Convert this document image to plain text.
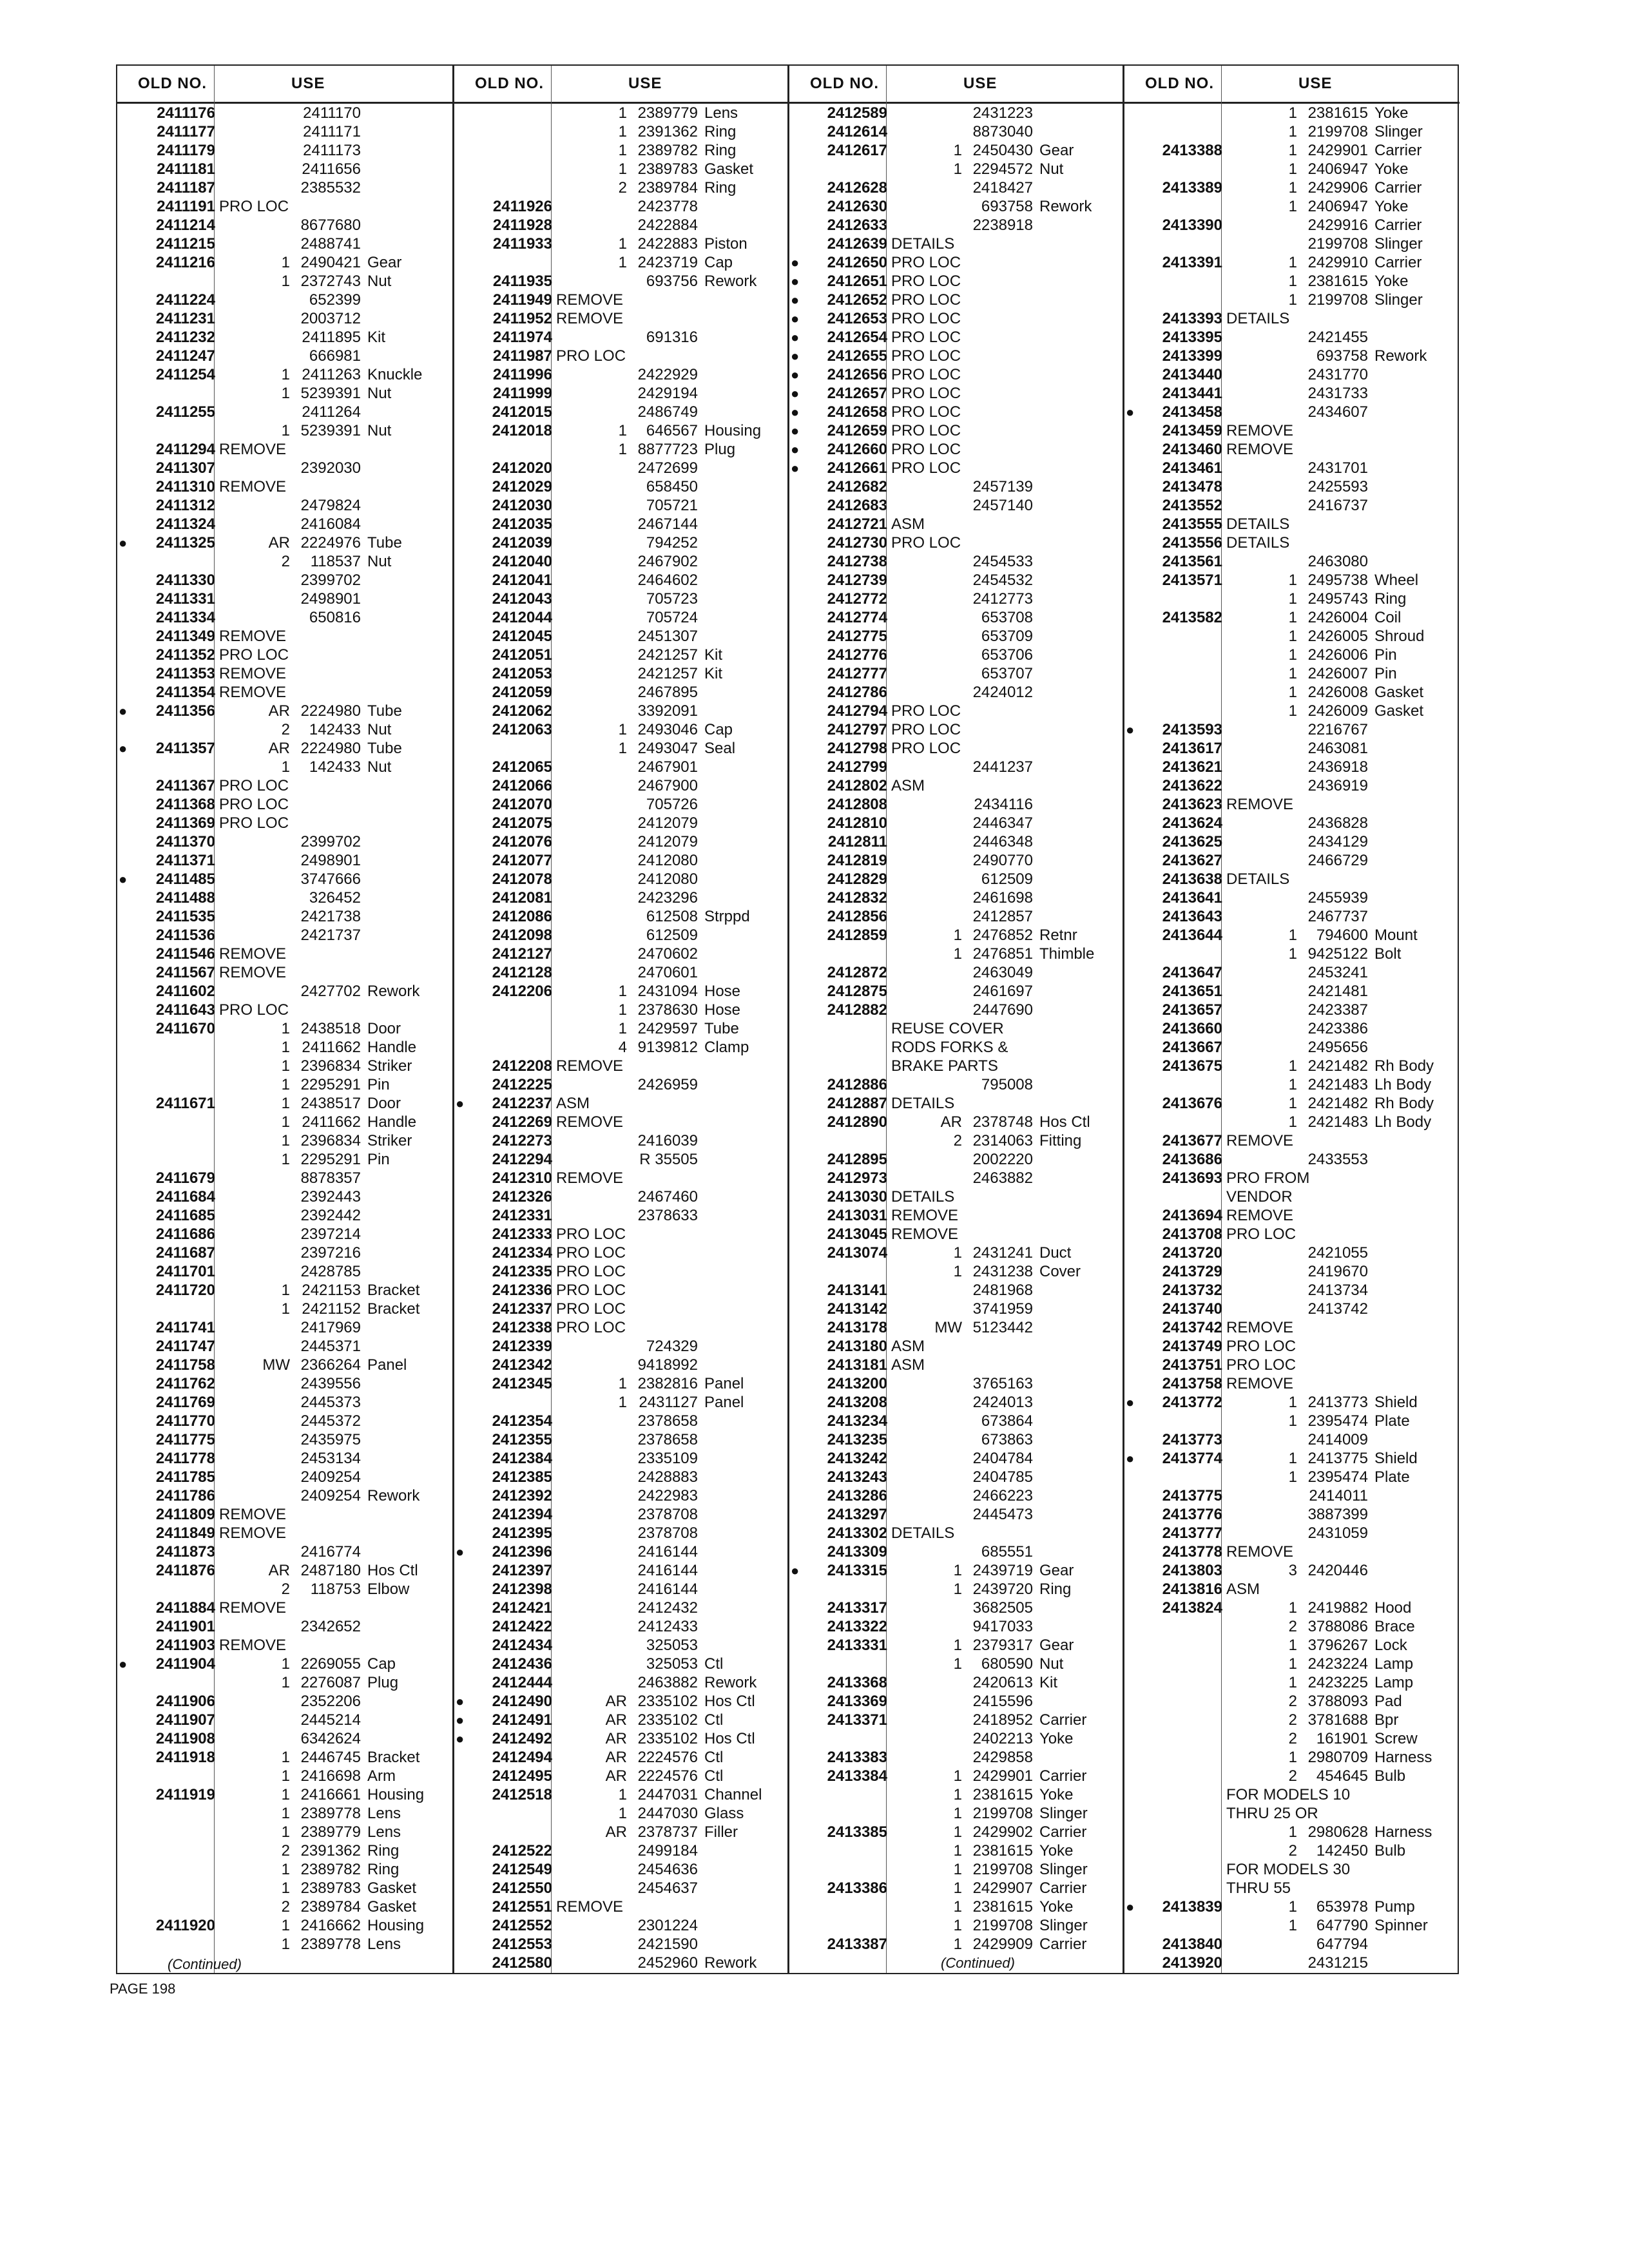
OLD NO.	USE
2411176	2411170
2411177	2411171
2411179	2411173
2411181	2411656
2411187	2385532
2411191 PRO LOC
2411214	8677680
2411215	2488741
2411216	1 2490421 Gear
1 2372743 Nut
2411224	652399
2411231	2003712
2411232	2411895 Kit
2411247	666981
2411254	1 2411263 Knuckle
1 5239391 Nut
2411255	2411264
1 5239391 Nut
2411294 REMOVE
2411307	2392030
2411310 REMOVE
2411312	2479824
2411324	2416084
●	2411325	AR 2224976 Tube
2	118537 Nut
2411330	2399702
2411331	2498901
2411334	650816
2411349 REMOVE
2411352 PRO LOC
2411353 REMOVE
2411354 REMOVE
●	2411356	AR 2224980 Tube
2	142433 Nut
●	2411357	AR 2224980 Tube
1	142433 Nut
2411367 PRO LOC
2411368 PRO LOC
2411369 PRO LOC
2411370	2399702
2411371	2498901
●	2411485	3747666
2411488	326452
2411535	2421738
2411536	2421737
2411546 REMOVE
2411567 REMOVE
2411602	2427702 Rework
2411643 PRO LOC
2411670	1 2438518 Door
1 2411662 Handle
1 2396834 Striker
1 2295291 Pin
2411671	1 2438517 Door
1 2411662 Handle
1 2396834 Striker
1 2295291 Pin
2411679	8878357
2411684	2392443
2411685	2392442
2411686	2397214
2411687	2397216
2411701	2428785
2411720	1 2421153 Bracket
1 2421152 Bracket
2411741	2417969
2411747	2445371
2411758	MW 2366264 Panel
2411762	2439556
2411769	2445373
2411770	2445372
2411775	2435975
2411778	2453134
2411785	2409254
2411786	2409254 Rework
2411809 REMOVE
2411849 REMOVE
2411873	2416774
2411876	AR 2487180 Hos Ctl
2	118753 Elbow
2411884 REMOVE
2411901	2342652
2411903 REMOVE
●	2411904	1 2269055 Cap
1 2276087 Plug
2411906	2352206
2411907	2445214
2411908	6342624
2411918	1 2446745 Bracket
1 2416698 Arm
2411919	1 2416661 Housing
1 2389778 Lens
1 2389779 Lens
2 2391362 Ring
1 2389782 Ring
1 2389783 Gasket
2 2389784 Gasket
2411920	1 2416662 Housing
1 2389778 Lens
OLD NO.	USE
1 2389779 Lens
1 2391362 Ring
1 2389782 Ring
1 2389783 Gasket
2 2389784 Ring
2411926	2423778
2411928	2422884
2411933	1 2422883 Piston
1 2423719 Cap
2411935	693756 Rework
2411949 REMOVE
2411952 REMOVE
2411974	691316
2411987 PRO LOC
2411996	2422929
2411999	2429194
2412015	2486749
2412018	1	646567 Housing
1 8877723 Plug
2412020	2472699
2412029	658450
2412030	705721
2412035	2467144
2412039	794252
2412040	2467902
2412041	2464602
2412043	705723
2412044	705724
2412045	2451307
2412051	2421257 Kit
2412053	2421257 Kit
2412059	2467895
2412062	3392091
2412063	1 2493046 Cap
1 2493047 Seal
2412065	2467901
2412066	2467900
2412070	705726
2412075	2412079
2412076	2412079
2412077	2412080
2412078	2412080
2412081	2423296
2412086	612508 Strppd
2412098	612509
2412127	2470602
2412128	2470601
2412206	1 2431094 Hose
1 2378630 Hose
1 2429597 Tube
4 9139812 Clamp
2412208 REMOVE
2412225	2426959
●	2412237 ASM
2412269 REMOVE
2412273	2416039
2412294	R 35505
2412310 REMOVE
2412326	2467460
2412331	2378633
2412333 PRO LOC
2412334 PRO LOC
2412335 PRO LOC
2412336 PRO LOC
2412337 PRO LOC
2412338 PRO LOC
2412339	724329
2412342	9418992
2412345	1 2382816 Panel
1 2431127 Panel
2412354	2378658
2412355	2378658
2412384	2335109
2412385	2428883
2412392	2422983
2412394	2378708
2412395	2378708
●	2412396	2416144
2412397	2416144
2412398	2416144
2412421	2412432
2412422	2412433
2412434	325053
2412436	325053 Ctl
2412444	2463882 Rework
●	2412490	AR 2335102 Hos Ctl
●	2412491	AR 2335102 Ctl
●	2412492	AR 2335102 Hos Ctl
2412494	AR 2224576 Ctl
2412495	AR 2224576 Ctl
2412518	1 2447031 Channel
1 2447030 Glass
AR 2378737 Filler
2412522	2499184
2412549	2454636
2412550	2454637
2412551 REMOVE
2412552	2301224
2412553	2421590
2412580	2452960 Rework
OLD NO.	USE
2412589	2431223
2412614	8873040
2412617	1 2450430 Gear
1 2294572 Nut
2412628	2418427
2412630	693758 Rework
2412633	2238918
2412639 DETAILS
●	2412650 PRO LOC
●	2412651 PRO LOC
●	2412652 PRO LOC
●	2412653 PRO LOC
●	2412654 PRO LOC
●	2412655 PRO LOC
●	2412656 PRO LOC
●	2412657 PRO LOC
●	2412658 PRO LOC
●	2412659 PRO LOC
●	2412660 PRO LOC
●	2412661 PRO LOC
2412682	2457139
2412683	2457140
2412721 ASM
2412730 PRO LOC
2412738	2454533
2412739	2454532
2412772	2412773
2412774	653708
2412775	653709
2412776	653706
2412777	653707
2412786	2424012
2412794 PRO LOC
2412797 PRO LOC
2412798 PRO LOC
2412799	2441237
2412802 ASM
2412808	2434116
2412810	2446347
2412811	2446348
2412819	2490770
2412829	612509
2412832	2461698
2412856	2412857
2412859	1 2476852 Retnr
1 2476851 Thimble
2412872	2463049
2412875	2461697
2412882	2447690
REUSE COVER
RODS FORKS &
BRAKE PARTS
2412886	795008
2412887 DETAILS
2412890	AR 2378748 Hos Ctl
2 2314063 Fitting
2412895	2002220
2412973	2463882
2413030 DETAILS
2413031 REMOVE
2413045 REMOVE
2413074	1 2431241 Duct
1 2431238 Cover
2413141	2481968
2413142	3741959
2413178	MW 5123442
2413180 ASM
2413181 ASM
2413200	3765163
2413208	2424013
2413234	673864
2413235	673863
2413242	2404784
2413243	2404785
2413286	2466223
2413297	2445473
2413302 DETAILS
2413309	685551
●	2413315	1 2439719 Gear
1 2439720 Ring
2413317	3682505
2413322	9417033
2413331	1 2379317 Gear
1	680590 Nut
2413368	2420613 Kit
2413369	2415596
2413371	2418952 Carrier
2402213 Yoke
2413383	2429858
2413384	1 2429901 Carrier
1 2381615 Yoke
1 2199708 Slinger
2413385	1 2429902 Carrier
1 2381615 Yoke
1 2199708 Slinger
2413386	1 2429907 Carrier
1 2381615 Yoke
1 2199708 Slinger
2413387	1 2429909 Carrier
OLD NO.	USE
1 2381615 Yoke
1 2199708 Slinger
2413388	1 2429901 Carrier
1 2406947 Yoke
2413389	1 2429906 Carrier
1 2406947 Yoke
2413390	2429916 Carrier
2199708 Slinger
2413391	1 2429910 Carrier
1 2381615 Yoke
1 2199708 Slinger
2413393 DETAILS
2413395	2421455
2413399	693758 Rework
2413440	2431770
2413441	2431733
●	2413458	2434607
2413459 REMOVE
2413460 REMOVE
2413461	2431701
2413478	2425593
2413552	2416737
2413555 DETAILS
2413556 DETAILS
2413561	2463080
2413571	1 2495738 Wheel
1 2495743 Ring
2413582	1 2426004 Coil
1 2426005 Shroud
1 2426006 Pin
1 2426007 Pin
1 2426008 Gasket
1 2426009 Gasket
●	2413593	2216767
2413617	2463081
2413621	2436918
2413622	2436919
2413623 REMOVE
2413624	2436828
2413625	2434129
2413627	2466729
2413638 DETAILS
2413641	2455939
2413643	2467737
2413644	1	794600 Mount
1 9425122 Bolt
2413647	2453241
2413651	2421481
2413657	2423387
2413660	2423386
2413667	2495656
2413675	1 2421482 Rh Body
1 2421483 Lh Body
2413676	1 2421482 Rh Body
1 2421483 Lh Body
2413677 REMOVE
2413686	2433553
2413693 PRO FROM
VENDOR
2413694 REMOVE
2413708 PRO LOC
2413720	2421055
2413729	2419670
2413732	2413734
2413740	2413742
2413742 REMOVE
2413749 PRO LOC
2413751 PRO LOC
2413758 REMOVE
●	2413772	1 2413773 Shield
1 2395474 Plate
2413773	2414009
●	2413774	1 2413775 Shield
1 2395474 Plate
2413775	2414011
2413776	3887399
2413777	2431059
2413778 REMOVE
2413803	3 2420446
2413816 ASM
2413824	1 2419882 Hood
2 3788086 Brace
1 3796267 Lock
1 2423224 Lamp
1 2423225 Lamp
2 3788093 Pad
2 3781688 Bpr
2	161901 Screw
1 2980709 Harness
2	454645 Bulb
FOR MODELS 10
THRU 25 OR
1 2980628 Harness
2	142450 Bulb
FOR MODELS 30
THRU 55
●	2413839	1	653978 Pump
1	647790 Spinner
2413840	647794
2413920	2431215
PAGE 198
(Continued)	(Continued)
